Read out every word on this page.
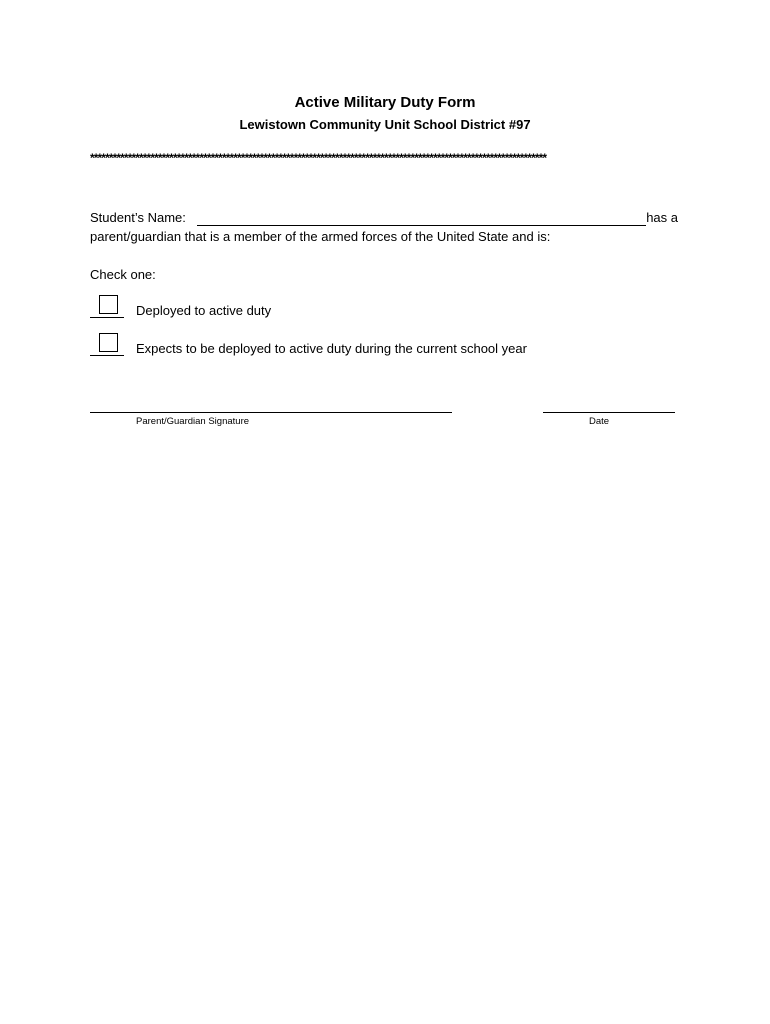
Active Military Duty Form
Lewistown Community Unit School District #97
*************************************************************************************************************************
Student’s Name:	has a
parent/guardian that is a member of the armed forces of the United State and is:
Check one:
Deployed to active duty
Expects to be deployed to active duty during the current school year
Parent/Guardian Signature	Date
